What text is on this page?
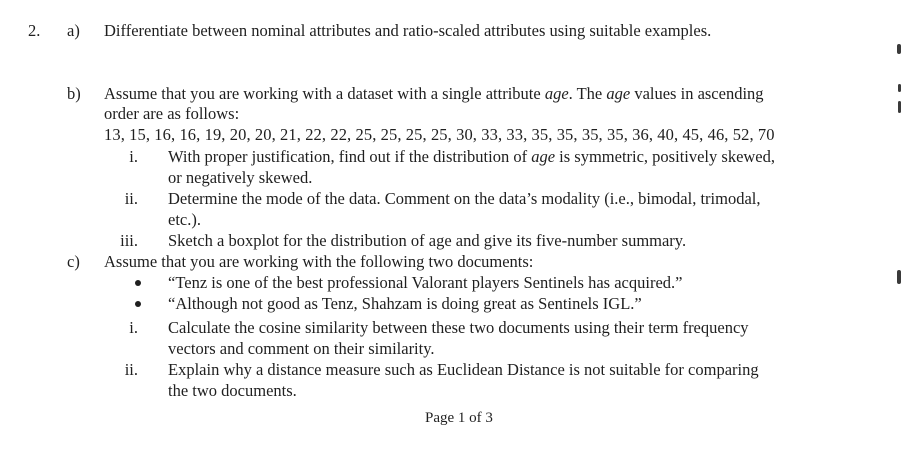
2. a) Differentiate between nominal attributes and ratio-scaled attributes using suitable examples.
b) Assume that you are working with a dataset with a single attribute age. The age values in ascending
order are as follows:
13, 15, 16, 16, 19, 20, 20, 21, 22, 22, 25, 25, 25, 25, 30, 33, 33, 35, 35, 35, 35, 36, 40, 45, 46, 52, 70
i. With proper justification, find out if the distribution of age is symmetric, positively skewed,
or negatively skewed.
ii. Determine the mode of the data. Comment on the data’s modality (i.e., bimodal, trimodal,
etc.).
iii. Sketch a boxplot for the distribution of age and give its five-number summary.
c) Assume that you are working with the following two documents:
“Tenz is one of the best professional Valorant players Sentinels has acquired.”
“Although not good as Tenz, Shahzam is doing great as Sentinels IGL.”
i. Calculate the cosine similarity between these two documents using their term frequency
vectors and comment on their similarity.
ii. Explain why a distance measure such as Euclidean Distance is not suitable for comparing
the two documents.
Page 1 of 3
